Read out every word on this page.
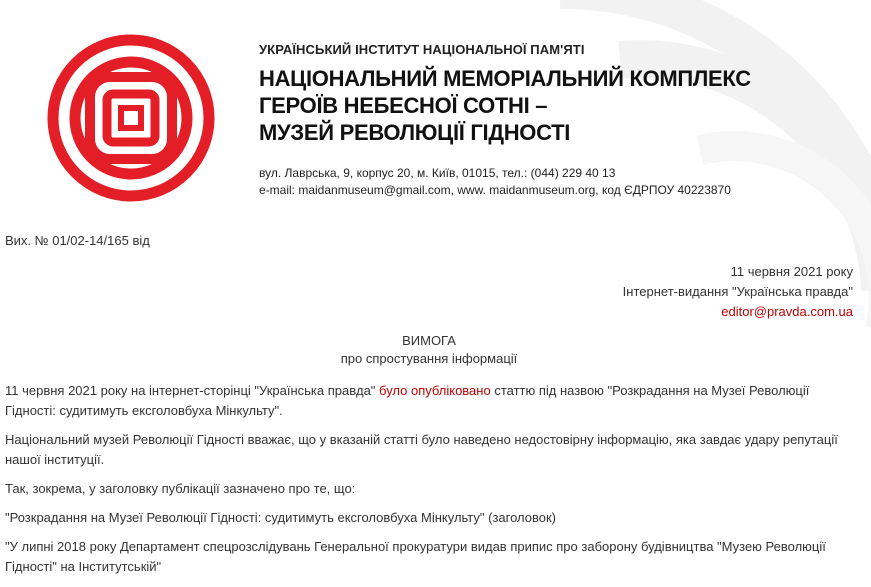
УКРАЇНСЬКИЙ ІНСТИТУТ НАЦІОНАЛЬНОЇ ПАМ'ЯТІ
НАЦІОНАЛЬНИЙ МЕМОРІАЛЬНИЙ КОМПЛЕКС
ГЕРОЇВ НЕБЕСНОЇ СОТНІ –
МУЗЕЙ РЕВОЛЮЦІЇ ГІДНОСТІ
вул. Лаврська, 9, корпус 20, м. Київ, 01015, тел.: (044) 229 40 13
e-mail: maidanmuseum@gmail.com, www. maidanmuseum.org, код ЄДРПОУ 40223870
Вих. № 01/02-14/165 від
11 червня 2021 року
Інтернет-видання "Українська правда"
editor@pravda.com.ua
ВИМОГА
про спростування інформації

11 червня 2021 року на інтернет-сторінці "Українська правда" було опубліковано статтю під назвою "Розкрадання на Музеї Революції Гідності: судитимуть ексголовбуха Мінкульту".

Національний музей Революції Гідності вважає, що у вказаній статті було наведено недостовірну інформацію, яка завдає удару репутації нашої інституції.

Так, зокрема, у заголовку публікації зазначено про те, що:

"Розкрадання на Музеї Революції Гідності: судитимуть ексголовбуха Мінкульту" (заголовок)

"У липні 2018 року Департамент спецрозслідувань Генеральної прокуратури видав припис про заборону будівництва "Музею Революції Гідності" на Інститутській"
